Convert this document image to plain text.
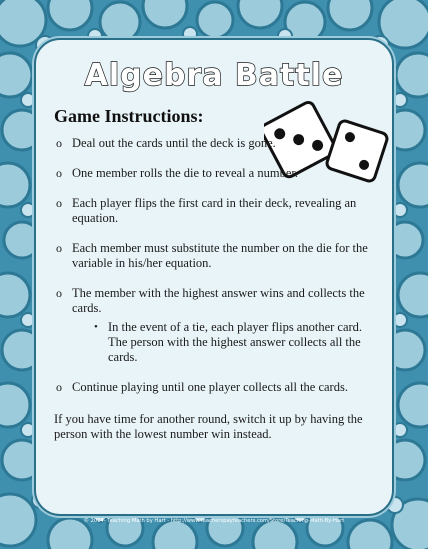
Algebra Battle
Game Instructions:
o Deal out the cards until the deck is gone.
o One member rolls the die to reveal a number.
o Each player flips the first card in their deck, revealing an equation.
o Each member must substitute the number on the die for the variable in his/her equation.
o The member with the highest answer wins and collects the cards.
• In the event of a tie, each player flips another card. The person with the highest answer collects all the cards.
o Continue playing until one player collects all the cards.
If you have time for another round, switch it up by having the person with the lowest number win instead.
© 2014- Teaching Math by Hart - http://www.teacherspayteachers.com/Store/Teaching-Math-By-Hart
